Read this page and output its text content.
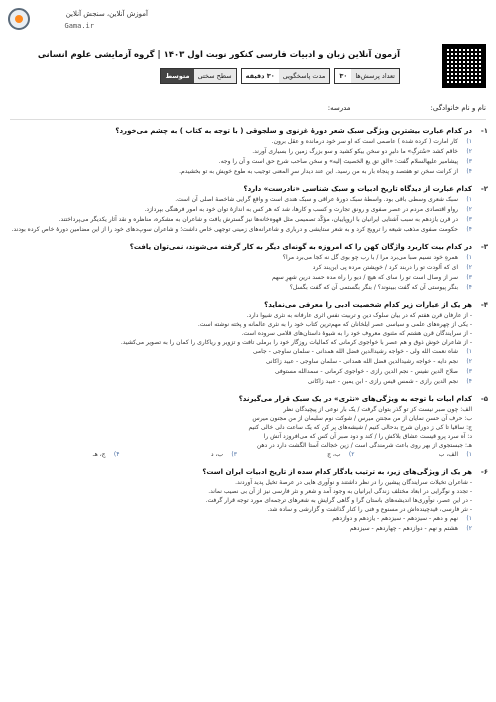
آموزش آنلاین، سنجش آنلاین
Gama.ir
آزمون آنلاین زبان و ادبیات فارسی کنکور نوبت اول ۱۴۰۳ | گروه آزمایشی علوم انسانی
تعداد پرسش‌ها
۳۰
مدت پاسخگویی
۳۰ دقیقه
سطح سختی
متوسط
نام و نام خانوادگی:
مدرسه:
۱-
در کدام عبارت بیشترین ویژگی سبک شعر دورهٔ غزنوی و سلجوقی ( با توجه به کتاب ) به چشم می‌خورد؟
۱)
کار امارت ( کرده شده ) عاصمی است که او سر خود درمانده و عقل برون.
۲)
خاقم کشد «سُترگِ» ما دلیرِ دو سخن بیکو کشید و سو بزرگ زمین را بسیاری آورند.
۳)
پیشامیر علیهالسلام گفت: «الق تق یع الخصیث إليه» و سخن صاحب شرع حق است و آن را وجه.
۴)
از کرانت سخن تو هفتصد و پنجاه بار به من رسید. این عند دیدار سرِ المعنی توجیب به طوع خویش به تو بخشیدم.
۲-
کدام عبارت از دیدگاه تاریخ ادبیات و سبک شناسی «نادرست» دارد؟
۱)
سبک شعری وسطی باقی بود. واسطهٔ سبک دورهٔ عراقی و سبک هندی است و واقع گرایی شاخصهٔ اصلی آن است.
۲)
رواو اقتصادی مردم در عصر صفوی و رونق تجارت و کسب و کارها، شد که هر کس به اندازهٔ توان خود به امور فرهنگی بپردازد.
۳)
در قرن یازدهم به سبب آشنایی ایرانیان با اروپاییان، مؤکّد تصمیمی مثل قهوه‌خانه‌ها نیز گسترش یافت و شاعران به مشکره، مناظره و نقد آثار یکدیگر می‌پرداختند.
۴)
حکومت صفوی مذهب شیعه را ترویج کرد و به شعر ستایشی و درباری و شاعرانه‌های زمینی توجهی خاص داشت؛ و شاعران سوپ‌دهای خود را از این مضامین دورهٔ خاص کرده بودند.
۳-
در کدام بیت کاربرد واژگان کهن را که امروزه به گونه‌ای دیگر به کار گرفته می‌شوند، نمی‌توان یافت؟
۱)
همرهِ خود نسیم صبا می‌برد مرا / با رب چو بوی گل نه کجا می‌برد مرا؟
۲)
ای که آلودت تو را دربند کرد / خویشتن مرده پی این‌بند کرد
۳)
سر از وصال است تو را سای که هیچ / دیو را راه مده حسد درین شهرِ سهم
۴)
بنگر پیوستی آن که گفت ببینوند؟ / بنگر بگستمی آن که گفت بگسل؟
۴-
هر یک از عبارات زیر کدام شخصیت ادبی را معرفی می‌نماید؟
- از عارفان قرن هفتم که در بیان سلوک دین و تربیت نفس اثری عارفانه به نثری شیوا دارد.
- یکی از چهره‌های علمی و سیاسی عصر ایلخانان که مهم‌ترین کتاب خود را به نثری عالمانه و پخته نوشته است.
- از سرایندگان قرن هشتم که مثنوی معروف خود را به شیوهٔ داستان‌های قلامی سروده است.
- از شاعران خوش ذوق و هم عصر با خواجوی کرمانی که کمالیات روزگار خود را برملی تافت و تزویر و ریاکاری را کمان را به تصویر می‌کشید.
۱)
شاه نعمت الله ولی - خواجه رشیدالدین فضل الله همدانی - سلمان ساوجی - جامی
۲)
نجم دایه - خواجه رشیدالدین فضل الله همدانی - سلمان ساوجی - عبید زاکانی
۳)
صلاح الدین نفیس - نجم الدین رازی - خواجوی کرمانی - سمدالله مستوفی
۴)
نجم الدین رازی - شمس قیس رازی - ابن یمین - عبید زاکانی
۵-
کدام ابیات با توجه به ویژگی‌های «نثری» در یک سبک قرار می‌گیرند؟
الف: چون صبر نیست کز تو گذر بتوان گرفت / یک بار نوعی از پیچیدگان نظر
ب: حرف آن حسن نمایان از من مجنتن میرس / شوکت نوم سلیمان از من مجنون میرس
ج: ساقیا تا کی ز دوران شرح بدحالی کنیم / شیشه‌های پر کن که یک ساعت دلی خالی کنیم
د: آه سرد پرو قیست عشاق بلاکش را / کند و دود صبر آن کس که می‌افروزد آتش را
هـ: جبستجوی از بهر روی باعث شرمندگی است / زین خجالت آستا الگشت دارد در دهن
۱)
الف، ب
۲)
ب، ج
۳)
ب، د
۴)
ج، هـ
۶-
هر یک از ویژگی‌های زیر، به ترتیب یادگار کدام سده از تاریخ ادبیات ایران است؟
- شاعران تخیلات سرایندگان پیشین را در نظر داشتند و نوآوری هایی در عرصهٔ تخیل پدید آوردند.
- تجدد و نوگرایی در ابعاد مختلف زندگی ایرانیان به وجود آمد و شعر و نثر فارسی نیز از آن بی نصیب نماند.
- در این عصر، نوآوری‌ها اندیشه‌های باستان گرا و گاهی گرایش به شعرهای ترجمه‌ای مورد توجه قرار گرفت.
- نثر فارسی، قیدچینده‌اش در مسنوع و فنی را کنار گذاشت و گزارشی و ساده شد.
۱)
نهم و دهم - سیزدهم - سیزدهم - یازدهم و دوازدهم
۲)
هشتم و نهم - دوازدهم - چهاردهم - سیزدهم
